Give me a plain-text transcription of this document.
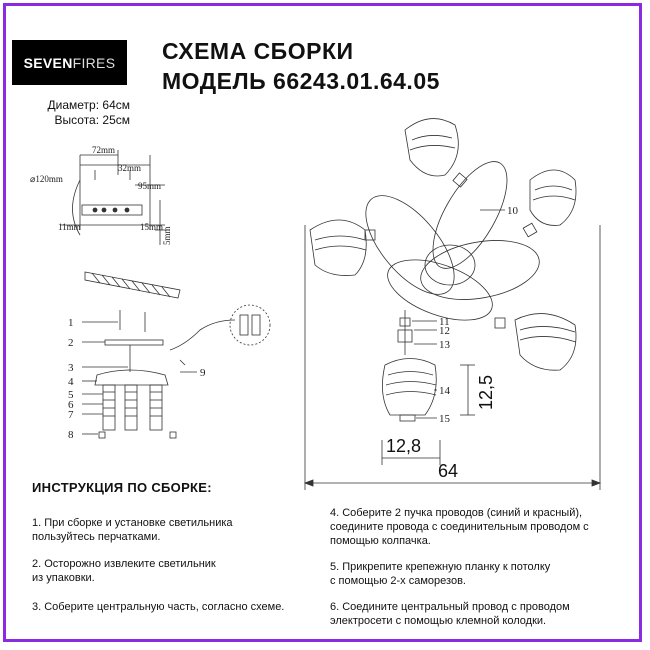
SEVEN FIRES СХЕМА СБОРКИ
МОДЕЛЬ 66243.01.64.05
Диаметр: 64см
Высота: 25см
72mm
32mm
⌀120mm
95mm
11mm	15mm
5mm
1
2
3
4
5
6
7
8
9
10
11
12
13
14
15
12,8
12,5
64
ИНСТРУКЦИЯ ПО СБОРКЕ:
1. При сборке и установке светильника пользуйтесь перчатками.
2. Осторожно извлеките светильник из упаковки.
3. Соберите центральную часть, согласно схеме.
4. Соберите 2 пучка проводов (синий и красный), соедините провода с соединительным проводом с помощью колпачка.
5. Прикрепите крепежную планку к потолку с помощью 2-х саморезов.
6. Соедините центральный провод с проводом электросети с помощью клемной колодки.
